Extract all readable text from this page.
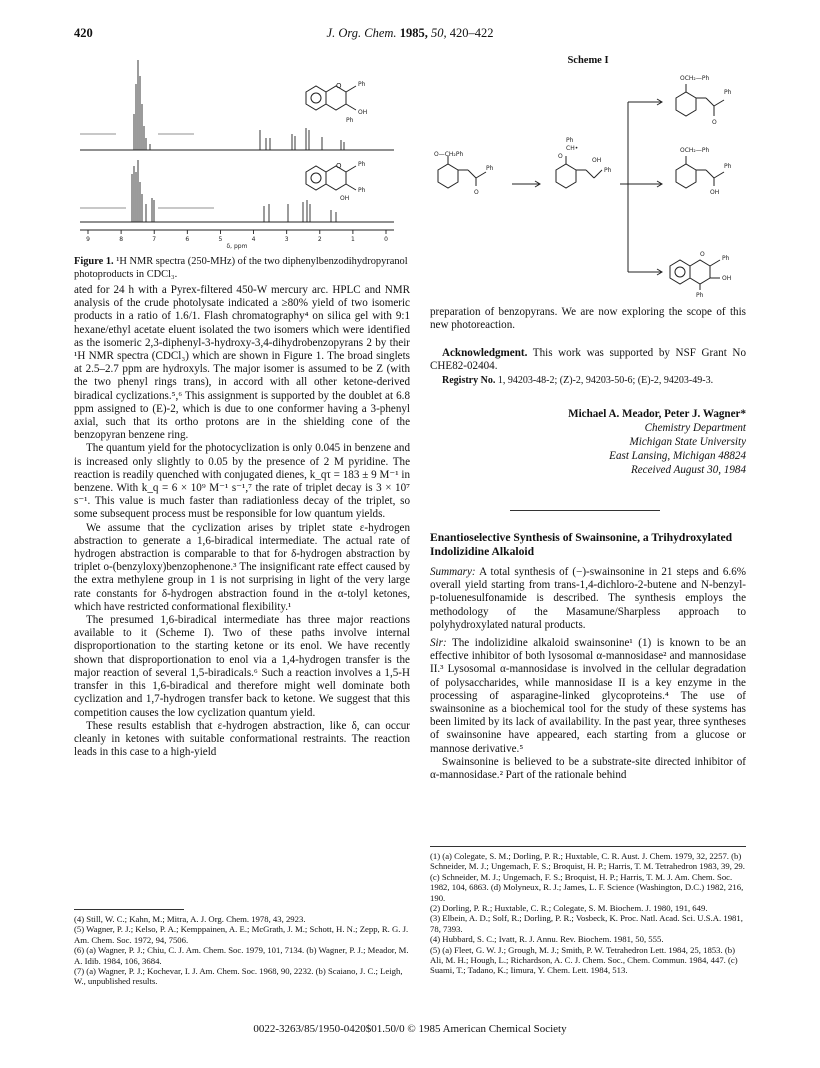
420	J. Org. Chem. 1985, 50, 420–422
O	Ph
OH
Ph
O	Ph
Ph
OH
9	8	7	6	5	4	3	2	1	0
δ, ppm
Figure 1. ¹H NMR spectra (250-MHz) of the two diphenylbenzodihydropyranol photoproducts in CDCl₃.

ated for 24 h with a Pyrex-filtered 450-W mercury arc. HPLC and NMR analysis of the crude photolysate indicated a ≥80% yield of two isomeric products in a ratio of 1.6/1. Flash chromatography⁴ on silica gel with 9:1 hexane/ethyl acetate eluent isolated the two isomers which were identified as the isomeric 2,3-diphenyl-3-hydroxy-3,4-dihydrobenzopyrans 2 by their ¹H NMR spectra (CDCl₃) which are shown in Figure 1. The broad singlets at 2.5–2.7 ppm are hydroxyls. The major isomer is assumed to be Z (with the two phenyl rings trans), in accord with all other ketone-derived biradical cyclizations.⁵,⁶ This assignment is supported by the doublet at 6.8 ppm assigned to (E)-2, which is due to one conformer having a 3-phenyl axial, such that its ortho protons are in the shielding cone of the benzopyran benzene ring.

The quantum yield for the photocyclization is only 0.045 in benzene and is increased only slightly to 0.05 by the presence of 2 M pyridine. The reaction is readily quenched with conjugated dienes, k_qτ = 183 ± 9 M⁻¹ in benzene. With k_q = 6 × 10⁹ M⁻¹ s⁻¹,⁷ the rate of triplet decay is 3 × 10⁷ s⁻¹. This value is much faster than radiationless decay of the triplet, so some subsequent process must be responsible for low quantum yields.

We assume that the cyclization arises by triplet state ε-hydrogen abstraction to generate a 1,6-biradical intermediate. The actual rate of hydrogen abstraction is comparable to that for δ-hydrogen abstraction by triplet o-(benzyloxy)benzophenone.³ The insignificant rate effect caused by the extra methylene group in 1 is not surprising in light of the very large rate constants for δ-hydrogen abstraction found in the α-tolyl ketones, which have restricted conformational flexibility.¹

The presumed 1,6-biradical intermediate has three major reactions available to it (Scheme I). Two of these paths involve internal disproportionation to the starting ketone or its enol. We have recently shown that disproportionation to enol via a 1,4-hydrogen transfer is the major reaction of several 1,5-biradicals.⁶ Such a reaction involves a 1,5-H transfer in this 1,6-biradical and therefore might well dominate both cyclization and 1,7-hydrogen transfer back to ketone. We suggest that this competition causes the low cyclization quantum yield.

These results establish that ε-hydrogen abstraction, like δ, can occur cleanly in ketones with suitable conformational restraints. The reaction leads in this case to a high-yield

(4) Still, W. C.; Kahn, M.; Mitra, A. J. Org. Chem. 1978, 43, 2923.
(5) Wagner, P. J.; Kelso, P. A.; Kemppainen, A. E.; McGrath, J. M.; Schott, H. N.; Zepp, R. G. J. Am. Chem. Soc. 1972, 94, 7506.
(6) (a) Wagner, P. J.; Chiu, C. J. Am. Chem. Soc. 1979, 101, 7134. (b) Wagner, P. J.; Meador, M. A. Idib. 1984, 106, 3684.
(7) (a) Wagner, P. J.; Kochevar, I. J. Am. Chem. Soc. 1968, 90, 2232. (b) Scaiano, J. C.; Leigh, W., unpublished results.
Scheme I
O—CH₂Ph
Ph
O
Ph
CH•
O
OH
Ph
OCH₂—Ph
Ph
O
OCH₂—Ph
Ph
OH
O
Ph
OH
Ph

preparation of benzopyrans. We are now exploring the scope of this new photoreaction.

Acknowledgment. This work was supported by NSF Grant No CHE82-02404.

Registry No. 1, 94203-48-2; (Z)-2, 94203-50-6; (E)-2, 94203-49-3.

Michael A. Meador, Peter J. Wagner*
Chemistry Department
Michigan State University
East Lansing, Michigan 48824
Received August 30, 1984
Enantioselective Synthesis of Swainsonine, a Trihydroxylated Indolizidine Alkaloid

Summary: A total synthesis of (−)-swainsonine in 21 steps and 6.6% overall yield starting from trans-1,4-dichloro-2-butene and N-benzyl-p-toluenesulfonamide is described. The synthesis employs the methodology of the Masamune/Sharpless approach to polyhydroxylated natural products.

Sir: The indolizidine alkaloid swainsonine¹ (1) is known to be an effective inhibitor of both lysosomal α-mannosidase² and mannosidase II.³ Lysosomal α-mannosidase is involved in the cellular degradation of polysaccharides, while mannosidase II is a key enzyme in the processing of asparagine-linked glycoproteins.⁴ The use of swainsonine as a biochemical tool for the study of these systems has been limited by its lack of availability. In the past year, three syntheses of swainsonine have appeared, each starting from a glucose or mannose derivative.⁵

Swainsonine is believed to be a substrate-site directed inhibitor of α-mannosidase.² Part of the rationale behind

(1) (a) Colegate, S. M.; Dorling, P. R.; Huxtable, C. R. Aust. J. Chem. 1979, 32, 2257. (b) Schneider, M. J.; Ungemach, F. S.; Broquist, H. P.; Harris, T. M. Tetrahedron 1983, 39, 29. (c) Schneider, M. J.; Ungemach, F. S.; Broquist, H. P.; Harris, T. M. J. Am. Chem. Soc. 1982, 104, 6863. (d) Molyneux, R. J.; James, L. F. Science (Washington, D.C.) 1982, 216, 190.
(2) Dorling, P. R.; Huxtable, C. R.; Colegate, S. M. Biochem. J. 1980, 191, 649.
(3) Elbein, A. D.; Solf, R.; Dorling, P. R.; Vosbeck, K. Proc. Natl. Acad. Sci. U.S.A. 1981, 78, 7393.
(4) Hubbard, S. C.; Ivatt, R. J. Annu. Rev. Biochem. 1981, 50, 555.
(5) (a) Fleet, G. W. J.; Grough, M. J.; Smith, P. W. Tetrahedron Lett. 1984, 25, 1853. (b) Ali, M. H.; Hough, L.; Richardson, A. C. J. Chem. Soc., Chem. Commun. 1984, 447. (c) Suami, T.; Tadano, K.; Iimura, Y. Chem. Lett. 1984, 513.
0022-3263/85/1950-0420$01.50/0 © 1985 American Chemical Society
